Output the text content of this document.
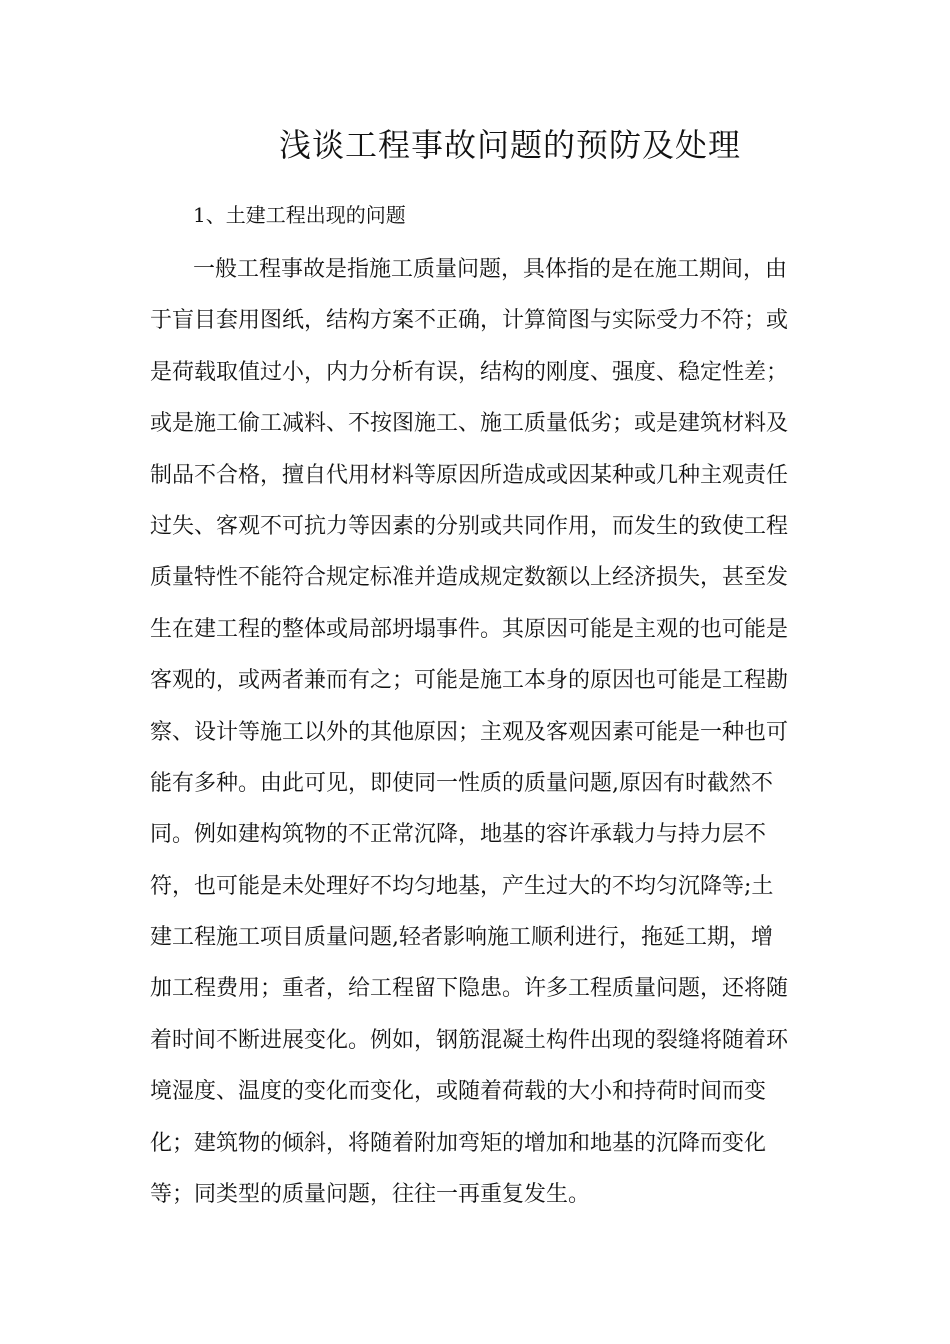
浅谈工程事故问题的预防及处理

1、土建工程出现的问题

一般工程事故是指施工质量问题，具体指的是在施工期间，由
于盲目套用图纸，结构方案不正确，计算简图与实际受力不符；或
是荷载取值过小，内力分析有误，结构的刚度、强度、稳定性差；
或是施工偷工减料、不按图施工、施工质量低劣；或是建筑材料及
制品不合格，擅自代用材料等原因所造成或因某种或几种主观责任
过失、客观不可抗力等因素的分别或共同作用，而发生的致使工程
质量特性不能符合规定标准并造成规定数额以上经济损失，甚至发
生在建工程的整体或局部坍塌事件。其原因可能是主观的也可能是
客观的，或两者兼而有之；可能是施工本身的原因也可能是工程勘
察、设计等施工以外的其他原因；主观及客观因素可能是一种也可
能有多种。由此可见，即使同一性质的质量问题,原因有时截然不
同。例如建构筑物的不正常沉降，地基的容许承载力与持力层不
符，也可能是未处理好不均匀地基，产生过大的不均匀沉降等;土
建工程施工项目质量问题,轻者影响施工顺利进行，拖延工期，增
加工程费用；重者，给工程留下隐患。许多工程质量问题，还将随
着时间不断进展变化。例如，钢筋混凝土构件出现的裂缝将随着环
境湿度、温度的变化而变化，或随着荷载的大小和持荷时间而变
化；建筑物的倾斜，将随着附加弯矩的增加和地基的沉降而变化
等；同类型的质量问题，往往一再重复发生。
